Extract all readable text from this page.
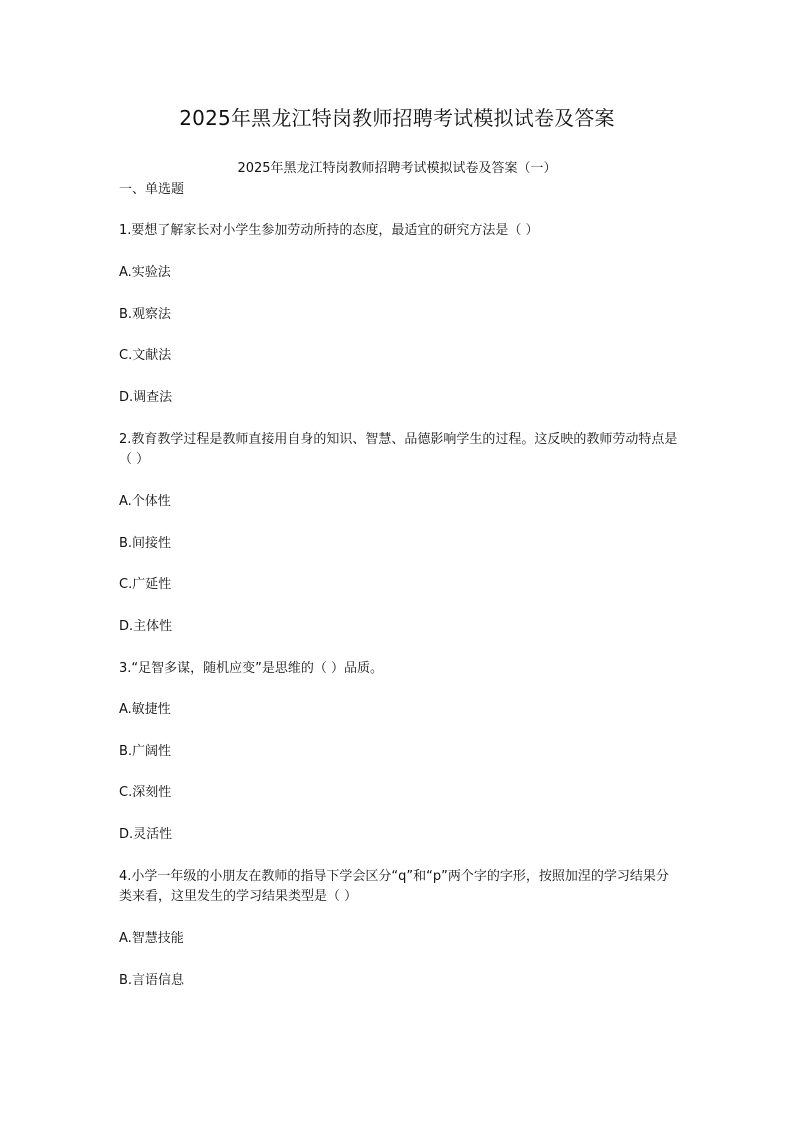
2025年黑龙江特岗教师招聘考试模拟试卷及答案
2025年黑龙江特岗教师招聘考试模拟试卷及答案（一）
一、单选题
1.要想了解家长对小学生参加劳动所持的态度，最适宜的研究方法是（ ）
A.实验法
B.观察法
C.文献法
D.调查法
2.教育教学过程是教师直接用自身的知识、智慧、品德影响学生的过程。这反映的教师劳动特点是（ ）
A.个体性
B.间接性
C.广延性
D.主体性
3.“足智多谋，随机应变”是思维的（ ）品质。
A.敏捷性
B.广阔性
C.深刻性
D.灵活性
4.小学一年级的小朋友在教师的指导下学会区分“q”和“p”两个字的字形，按照加涅的学习结果分类来看，这里发生的学习结果类型是（ ）
A.智慧技能
B.言语信息
